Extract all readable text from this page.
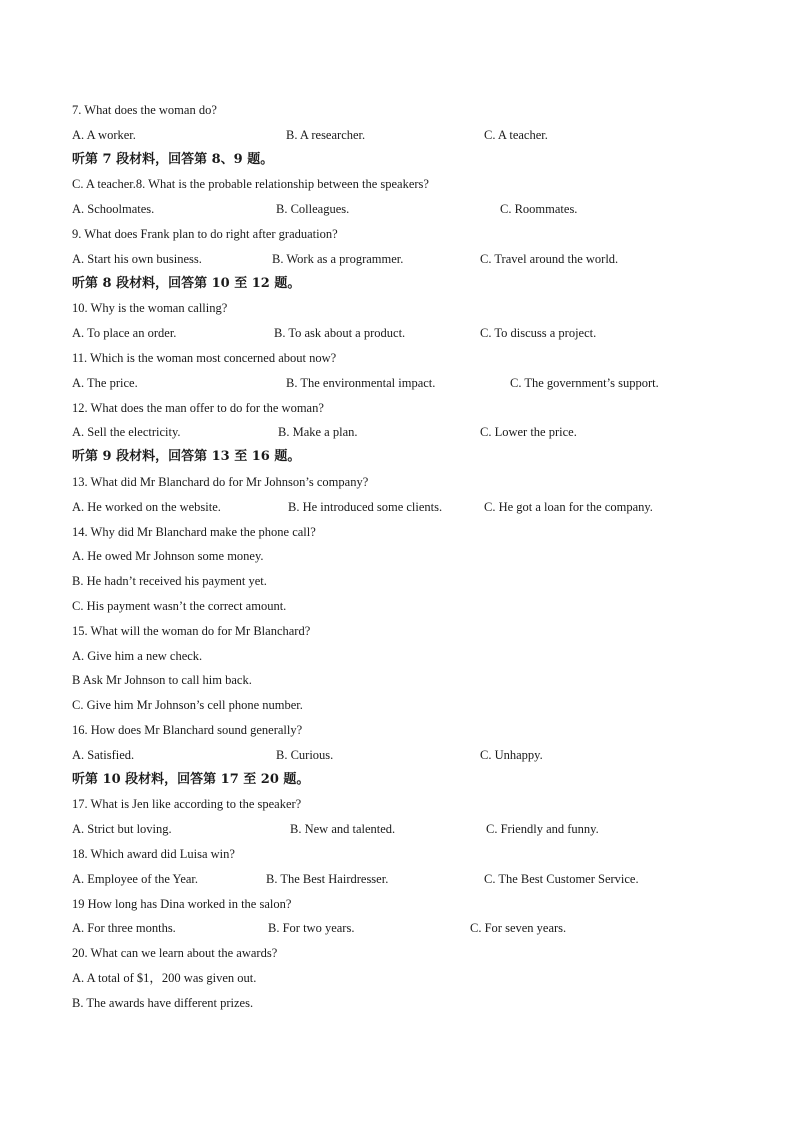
7. What does the woman do?
A. A worker.	B. A researcher.	C. A teacher.
听第 7 段材料，回答第 8、9 题。
C. A teacher.8. What is the probable relationship between the speakers?
A. Schoolmates.	B. Colleagues.	C. Roommates.
9. What does Frank plan to do right after graduation?
A. Start his own business.	B. Work as a programmer.	C. Travel around the world.
听第 8 段材料，回答第 10 至 12 题。
10. Why is the woman calling?
A. To place an order.	B. To ask about a product.	C. To discuss a project.
11. Which is the woman most concerned about now?
A. The price.	B. The environmental impact.	C. The government’s support.
12. What does the man offer to do for the woman?
A. Sell the electricity.	B. Make a plan.	C. Lower the price.
听第 9 段材料，回答第 13 至 16 题。
13. What did Mr Blanchard do for Mr Johnson’s company?
A. He worked on the website.	B. He introduced some clients.	C. He got a loan for the company.
14. Why did Mr Blanchard make the phone call?
A. He owed Mr Johnson some money.
B. He hadn’t received his payment yet.
C. His payment wasn’t the correct amount.
15. What will the woman do for Mr Blanchard?
A. Give him a new check.
B Ask Mr Johnson to call him back.
C. Give him Mr Johnson’s cell phone number.
16. How does Mr Blanchard sound generally?
A. Satisfied.	B. Curious.	C. Unhappy.
听第 10 段材料，回答第 17 至 20 题。
17. What is Jen like according to the speaker?
A. Strict but loving.	B. New and talented.	C. Friendly and funny.
18. Which award did Luisa win?
A. Employee of the Year.	B. The Best Hairdresser.	C. The Best Customer Service.
19 How long has Dina worked in the salon?
A. For three months.	B. For two years.	C. For seven years.
20. What can we learn about the awards?
A. A total of $1，200 was given out.
B. The awards have different prizes.
